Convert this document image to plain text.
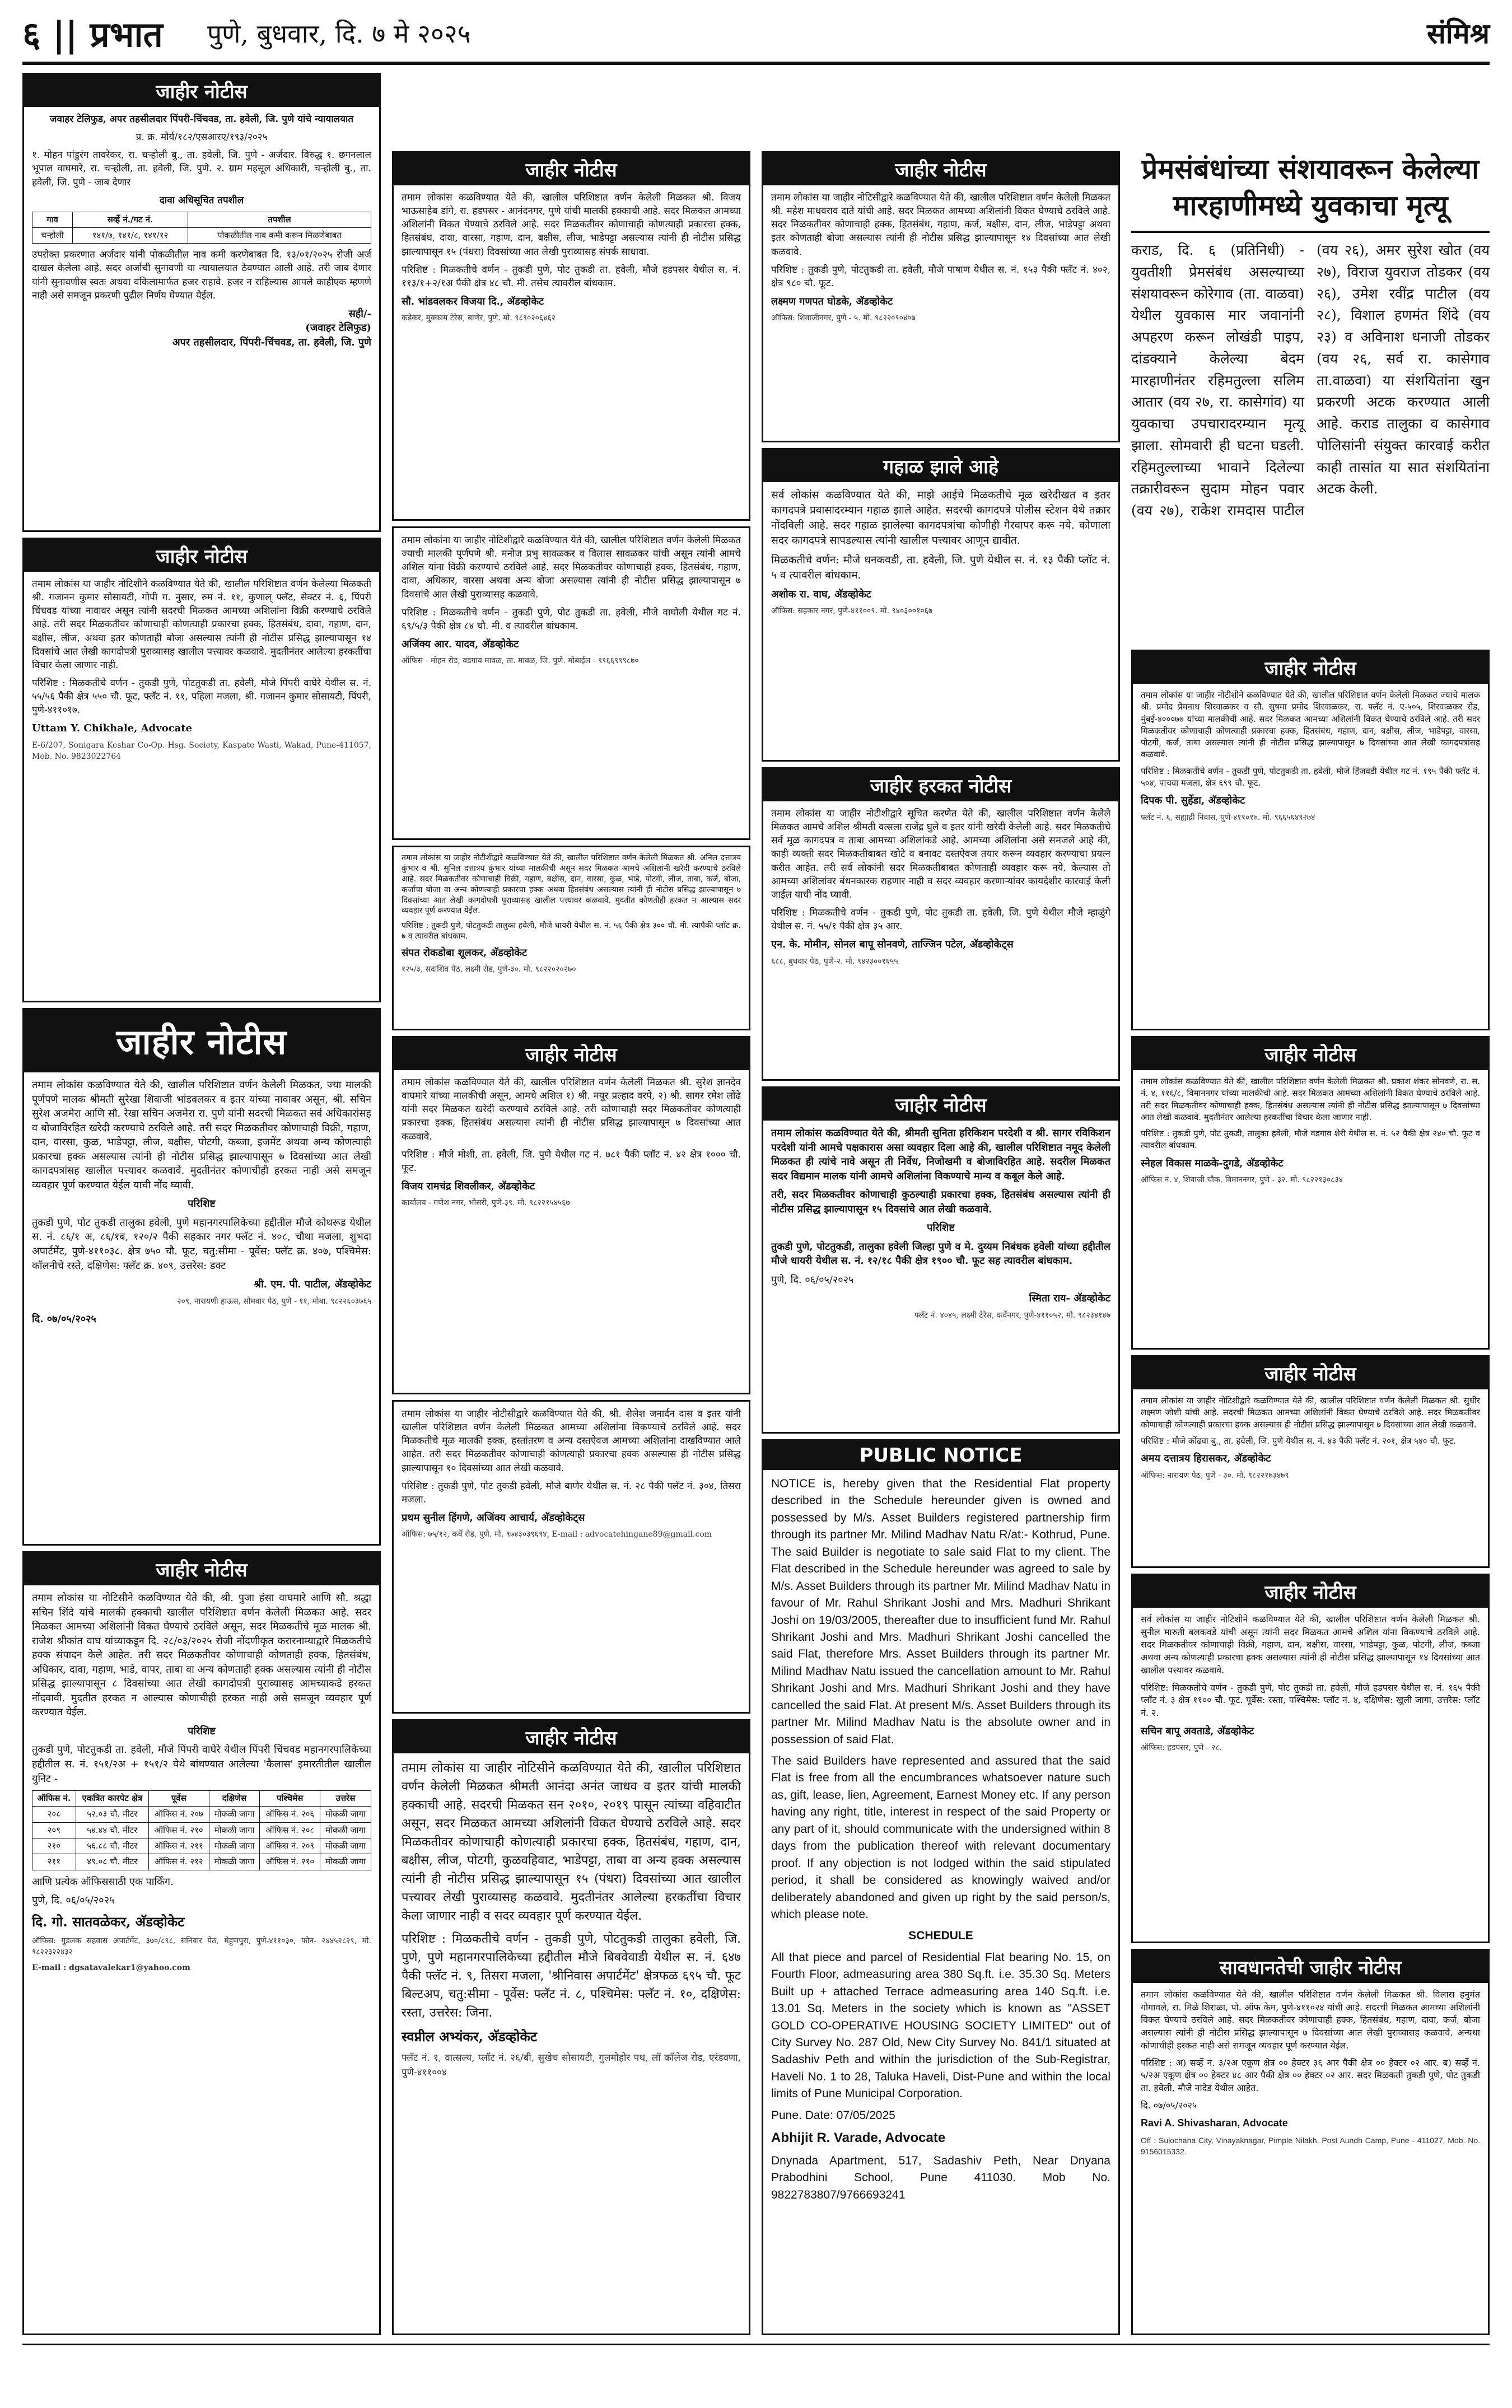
६ || प्रभात पुणे, बुधवार, दि. ७ मे २०२५	संमिश्र
जाहीर नोटीस

जवाहर टेलिफुड, अपर तहसीलदार पिंपरी-चिंचवड, ता. हवेली, जि. पुणे यांचे न्यायालयात

प्र. क्र. मौर्य/१८२/एसआरए/१९३/२०२५

१. मोहन पांडुरंग तावरेकर, रा. चऱ्होली बु., ता. हवेली, जि. पुणे - अर्जदार. विरुद्ध १. छगनलाल भूपाल वाघमारे, रा. चऱ्होली, ता. हवेली, जि. पुणे. २. ग्राम महसूल अधिकारी, चऱ्होली बु., ता. हवेली, जि. पुणे - जाब देणार

दावा अधिसूचित तपशील

गाव	सर्व्हे नं./गट नं.	तपशील
चऱ्होली	१४१/७, १४१/८, १४१/१२	पोकळीतील नाव कमी करून मिळणेबाबत

उपरोक्त प्रकरणात अर्जदार यांनी पोकळीतील नाव कमी करणेबाबत दि. १३/०१/२०२५ रोजी अर्ज दाखल केलेला आहे. सदर अर्जाची सुनावणी या न्यायालयात ठेवण्यात आली आहे. तरी जाब देणार यांनी सुनावणीस स्वतः अथवा वकिलामार्फत हजर राहावे. हजर न राहिल्यास आपले काहीएक म्हणणे नाही असे समजून प्रकरणी पुढील निर्णय घेण्यात येईल.

सही/-
(जवाहर टेलिफुड)
अपर तहसीलदार, पिंपरी-चिंचवड, ता. हवेली, जि. पुणे

जाहीर नोटीस

तमाम लोकांस या जाहीर नोटिशीने कळविण्यात येते की, खालील परिशिष्टात वर्णन केलेल्या मिळकती श्री. गजानन कुमार सोसायटी, गोपी ग. नुसार, रुम नं. ११, कुणाल् फ्लॅट, सेक्टर नं. ६, पिंपरी चिंचवड यांच्या नावावर असून त्यांनी सदरची मिळकत आमच्या अशिलांना विक्री करण्याचे ठरविले आहे. तरी सदर मिळकतीवर कोणाचाही कोणत्याही प्रकारचा हक्क, हितसंबंध, दावा, गहाण, दान, बक्षीस, लीज, अथवा इतर कोणताही बोजा असल्यास त्यांनी ही नोटीस प्रसिद्ध झाल्यापासून १४ दिवसांचे आत लेखी कागदोपत्री पुराव्यासह खालील पत्त्यावर कळवावे. मुदतीनंतर आलेल्या हरकतींचा विचार केला जाणार नाही.

परिशिष्ट : मिळकतीचे वर्णन - तुकडी पुणे, पोटतुकडी ता. हवेली, मौजे पिंपरी वाघेरे येथील स. नं. ५५/५६ पैकी क्षेत्र ५५० चौ. फूट, फ्लॅट नं. ११, पहिला मजला, श्री. गजानन कुमार सोसायटी, पिंपरी, पुणे-४११०१७.

Uttam Y. Chikhale, Advocate

E-6/207, Sonigara Keshar Co-Op. Hsg. Society, Kaspate Wasti, Wakad, Pune-411057, Mob. No. 9823022764

जाहीर नोटीस

तमाम लोकांस कळविण्यात येते की, खालील परिशिष्टात वर्णन केलेली मिळकत, ज्या मालकी पूर्णपणे मालक श्रीमती सुरेखा शिवाजी भांडवलकर व इतर यांच्या नावावर असून, श्री. सचिन सुरेश अजमेरा आणि सौ. रेखा सचिन अजमेरा रा. पुणे यांनी सदरची मिळकत सर्व अधिकारांसह व बोजाविरहित खरेदी करण्याचे ठरविले आहे. तरी सदर मिळकतीवर कोणाचाही विक्री, गहाण, दान, वारसा, कुळ, भाडेपट्टा, लीज, बक्षीस, पोटगी, कब्जा, इजमेंट अथवा अन्य कोणत्याही प्रकारचा हक्क असल्यास त्यांनी ही नोटीस प्रसिद्ध झाल्यापासून ७ दिवसांच्या आत लेखी कागदपत्रांसह खालील पत्त्यावर कळवावे. मुदतीनंतर कोणाचीही हरकत नाही असे समजून व्यवहार पूर्ण करण्यात येईल याची नोंद घ्यावी.

परिशिष्ट

तुकडी पुणे, पोट तुकडी तालुका हवेली, पुणे महानगरपालिकेच्या हद्दीतील मौजे कोथरूड येथील स. नं. ८६/१ अ, ८६/१ब, १२०/२ पैकी सहकार नगर फ्लॅट नं. ४०८, चौथा मजला, शुभदा अपार्टमेंट, पुणे-४११०३८. क्षेत्र ७५० चौ. फूट, चतु:सीमा - पूर्वेस: फ्लॅट क्र. ४०७, पश्चिमेस: कॉलनीचे रस्ते, दक्षिणेस: फ्लॅट क्र. ४०९, उत्तरेस: डक्ट

श्री. एम. पी. पाटील, अ‍ॅडव्होकेट

२०९, नारायणी हाऊस, सोमवार पेठ, पुणे - ११, मोबा. ९८२२६०३७६५

दि. ०७/०५/२०२५

जाहीर नोटीस

तमाम लोकांस या नोटिसीने कळविण्यात येते की, श्री. पुजा हंसा वाघमारे आणि सौ. श्रद्धा सचिन शिंदे यांचे मालकी हक्काची खालील परिशिष्टात वर्णन केलेली मिळकत आहे. सदर मिळकत आमच्या अशिलांनी विकत घेण्याचे ठरविले असून, सदर मिळकतीचे मूळ मालक श्री. राजेश श्रीकांत वाघ यांच्याकडून दि. २८/०३/२०२५ रोजी नोंदणीकृत करारनाम्याद्वारे मिळकतीचे हक्क संपादन केले आहेत. तरी सदर मिळकतीवर कोणाचाही कोणताही हक्क, हितसंबंध, अधिकार, दावा, गहाण, भाडे, वापर, ताबा वा अन्य कोणताही हक्क असल्यास त्यांनी ही नोटीस प्रसिद्ध झाल्यापासून ८ दिवसांच्या आत लेखी कागदोपत्री पुराव्यासह आमच्याकडे हरकत नोंदवावी. मुदतीत हरकत न आल्यास कोणाचीही हरकत नाही असे समजून व्यवहार पूर्ण करण्यात येईल.

परिशिष्ट

तुकडी पुणे, पोटतुकडी ता. हवेली, मौजे पिंपरी वाघेरे येथील पिंपरी चिंचवड महानगरपालिकेच्या हद्दीतील स. नं. १५१/२अ + १५१/२ येथे बांधण्यात आलेल्या 'कैलास' इमारतीतील खालील युनिट -

ऑफिस नं.	एकत्रित कारपेट क्षेत्र	पूर्वेस	दक्षिणेस	पश्चिमेस	उत्तरेस
२०८	५२.०३ चौ. मीटर	ऑफिस नं. २०७	मोकळी जागा	ऑफिस नं. २०६	मोकळी जागा
२०९	५४.४४ चौ. मीटर	ऑफिस नं. २१०	मोकळी जागा	ऑफिस नं. २०८	मोकळी जागा
२१०	५६.८८ चौ. मीटर	ऑफिस नं. २११	मोकळी जागा	ऑफिस नं. २०९	मोकळी जागा
२११	४९.०८ चौ. मीटर	ऑफिस नं. २१२	मोकळी जागा	ऑफिस नं. २१०	मोकळी जागा

आणि प्रत्येक ऑफिससाठी एक पार्किंग.

पुणे, दि. ०६/०५/२०२५

दि. गो. सातवळेकर, अ‍ॅडव्होकेट

ऑफिस: गुडलक सहवास अपार्टमेंट, ३७०/८९८, सनिवार पेठ, मेहुणपुरा, पुणे-४११०३०, फोन- २४४५२८२९, मो. ९८२२३२२४३२

E-mail : dgsatavalekar1@yahoo.com

जाहीर नोटीस

तमाम लोकांस कळविण्यात येते की, खालील परिशिष्टात वर्णन केलेली मिळकत श्री. विजय भाऊसाहेब डांगे, रा. हडपसर - आनंदनगर, पुणे यांची मालकी हक्काची आहे. सदर मिळकत आमच्या अशिलांनी विकत घेण्याचे ठरविले आहे. सदर मिळकतीवर कोणाचाही कोणत्याही प्रकारचा हक्क, हितसंबंध, दावा, वारसा, गहाण, दान, बक्षीस, लीज, भाडेपट्टा असल्यास त्यांनी ही नोटीस प्रसिद्ध झाल्यापासून १५ (पंधरा) दिवसांच्या आत लेखी पुराव्यासह संपर्क साधावा.

परिशिष्ट : मिळकतीचे वर्णन - तुकडी पुणे, पोट तुकडी ता. हवेली, मौजे हडपसर येथील स. नं. ११३/१+२/१अ पैकी क्षेत्र ४८ चौ. मी. तसेच त्यावरील बांधकाम.

सौ. भांडवलकर विजया दि., अ‍ॅडव्होकेट

कडेकर, मुक्काम टेरेस, बाणेर, पुणे. मो. ९८९०२०६४६२

तमाम लोकांना या जाहीर नोटिशीद्वारे कळविण्यात येते की, खालील परिशिष्टात वर्णन केलेली मिळकत ज्याची मालकी पूर्णपणे श्री. मनोज प्रभु सावळकर व विलास सावळकर यांची असून त्यांनी आमचे अशिल यांना विक्री करण्याचे ठरविले आहे. सदर मिळकतीवर कोणाचाही हक्क, हितसंबंध, गहाण, दावा, अधिकार, वारसा अथवा अन्य बोजा असल्यास त्यांनी ही नोटीस प्रसिद्ध झाल्यापासून ७ दिवसांचे आत लेखी पुराव्यासह कळवावे.

परिशिष्ट : मिळकतीचे वर्णन - तुकडी पुणे, पोट तुकडी ता. हवेली, मौजे वाघोली येथील गट नं. ६९/५/३ पैकी क्षेत्र ८४ चौ. मी. व त्यावरील बांधकाम.

अजिंक्य आर. यादव, अ‍ॅडव्होकेट

ऑफिस - मोहन रोड, वडगाव मावळ, ता. मावळ, जि. पुणे. मोबाईल - ९९६६९९९८७०

तमाम लोकांस या जाहीर नोटीशीद्वारे कळविण्यात येते की, खालील परिशिष्टात वर्णन केलेली मिळकत श्री. अनिल दत्तात्रय कुंभार व श्री. सुनिल दत्तात्रय कुंभार यांच्या मालकीची असून सदर मिळकत आमचे अशिलांनी खरेदी करण्याचे ठरविले आहे. सदर मिळकतीवर कोणाचाही विक्री, गहाण, बक्षीस, दान, वारसा, कुळ, भाडे, पोटगी, लीज, ताबा, कर्ज, बोजा, कर्जाचा बोजा वा अन्य कोणत्याही प्रकारचा हक्क अथवा हितसंबंध असल्यास त्यांनी ही नोटीस प्रसिद्ध झाल्यापासून ७ दिवसांच्या आत लेखी कागदोपत्री पुराव्यासह खालील पत्त्यावर कळवावे. मुदतीत कोणतीही हरकत न आल्यास सदर व्यवहार पूर्ण करण्यात येईल.

परिशिष्ट : तुकडी पुणे, पोटतुकडी तालुका हवेली, मौजे धायरी येथील स. नं. ५६ पैकी क्षेत्र ३०० चौ. मी. त्यापैकी प्लॉट क्र. ७ व त्यावरील बांधकाम.

संपत रोकडोबा शूलकर, अ‍ॅडव्होकेट

१२५/३, सदाशिव पेठ, लक्ष्मी रोड, पुणे-३०. मो. ९८२२०२०२७०

जाहीर नोटीस

तमाम लोकांस कळविण्यात येते की, खालील परिशिष्टात वर्णन केलेली मिळकत श्री. सुरेश ज्ञानदेव वाघमारे यांच्या मालकीची असून, आमचे अशिल १) श्री. मयूर प्रल्हाद वरपे, २) श्री. सागर रमेश लोंढे यांनी सदर मिळकत खरेदी करण्याचे ठरविले आहे. तरी कोणाचाही सदर मिळकतीवर कोणत्याही प्रकारचा हक्क, हितसंबंध असल्यास त्यांनी ही नोटीस प्रसिद्ध झाल्यापासून ७ दिवसांच्या आत कळवावे.

परिशिष्ट : मौजे मोशी, ता. हवेली, जि. पुणे येथील गट नं. ७८१ पैकी प्लॉट नं. ४२ क्षेत्र १००० चौ. फूट.

विजय रामचंद्र शिवलीकर, अ‍ॅडव्होकेट

कार्यालय - गणेश नगर, भोसरी, पुणे-३९. मो. ९८२२१५४५६७

तमाम लोकांस या जाहीर नोटीसीद्वारे कळविण्यात येते की, श्री. शैलेश जनार्दन दास व इतर यांनी खालील परिशिष्टात वर्णन केलेली मिळकत आमच्या अशिलांना विकण्याचे ठरविले आहे. सदर मिळकतीचे मूळ मालकी हक्क, हस्तांतरण व अन्य दस्तऐवज आमच्या अशिलांना दाखविण्यात आले आहेत. तरी सदर मिळकतीवर कोणाचाही कोणत्याही प्रकारचा हक्क असल्यास ही नोटीस प्रसिद्ध झाल्यापासून १० दिवसांच्या आत लेखी कळवावे.

परिशिष्ट : तुकडी पुणे, पोट तुकडी हवेली, मौजे बाणेर येथील स. नं. २८ पैकी फ्लॅट नं. ३०४, तिसरा मजला.

प्रथम सुनील हिंगणे, अजिंक्य आचार्य, अ‍ॅडव्होकेट्स

ऑफिस: ७५/१२, कर्वे रोड, पुणे. मो. ९७४३०३९६९४, E-mail : advocatehingane89@gmail.com

जाहीर नोटीस

तमाम लोकांस या जाहीर नोटिसीने कळविण्यात येते की, खालील परिशिष्टात वर्णन केलेली मिळकत श्रीमती आनंदा अनंत जाधव व इतर यांची मालकी हक्काची आहे. सदरची मिळकत सन २०१०, २०१९ पासून त्यांच्या वहिवाटीत असून, सदर मिळकत आमच्या अशिलांनी विकत घेण्याचे ठरविले आहे. सदर मिळकतीवर कोणाचाही कोणत्याही प्रकारचा हक्क, हितसंबंध, गहाण, दान, बक्षीस, लीज, पोटगी, कुळवहिवाट, भाडेपट्टा, ताबा वा अन्य हक्क असल्यास त्यांनी ही नोटीस प्रसिद्ध झाल्यापासून १५ (पंधरा) दिवसांच्या आत खालील पत्त्यावर लेखी पुराव्यासह कळवावे. मुदतीनंतर आलेल्या हरकतींचा विचार केला जाणार नाही व सदर व्यवहार पूर्ण करण्यात येईल.

परिशिष्ट : मिळकतीचे वर्णन - तुकडी पुणे, पोटतुकडी तालुका हवेली, जि. पुणे, पुणे महानगरपालिकेच्या हद्दीतील मौजे बिबवेवाडी येथील स. नं. ६४७ पैकी फ्लॅट नं. ९, तिसरा मजला, 'श्रीनिवास अपार्टमेंट' क्षेत्रफळ ६९५ चौ. फूट बिल्टअप, चतु:सीमा - पूर्वेस: फ्लॅट नं. ८, पश्चिमेस: फ्लॅट नं. १०, दक्षिणेस: रस्ता, उत्तरेस: जिना.

स्वप्नील अभ्यंकर, अ‍ॅडव्होकेट

फ्लॅट नं. १, वात्सल्य, प्लॉट नं. २६/बी, सुखेच सोसायटी, गुलमोहोर पथ, लॉ कॉलेज रोड, एरंडवणा, पुणे-४११००४

जाहीर नोटीस

तमाम लोकांस या जाहीर नोटिसीद्वारे कळविण्यात येते की, खालील परिशिष्टात वर्णन केलेली मिळकत श्री. महेश माधवराव दाते यांची आहे. सदर मिळकत आमच्या अशिलांनी विकत घेण्याचे ठरविले आहे. सदर मिळकतीवर कोणाचाही हक्क, हितसंबंध, गहाण, कर्ज, बक्षीस, दान, लीज, भाडेपट्टा अथवा इतर कोणताही बोजा असल्यास त्यांनी ही नोटीस प्रसिद्ध झाल्यापासून १४ दिवसांच्या आत लेखी कळवावे.

परिशिष्ट : तुकडी पुणे, पोटतुकडी ता. हवेली, मौजे पाषाण येथील स. नं. १५३ पैकी फ्लॅट नं. ४०२, क्षेत्र ९८० चौ. फूट.

लक्ष्मण गणपत घोडके, अ‍ॅडव्होकेट

ऑफिस: शिवाजीनगर, पुणे - ५. मो. ९८२२०९०४०७

गहाळ झाले आहे

सर्व लोकांस कळविण्यात येते की, माझे आईचे मिळकतीचे मूळ खरेदीखत व इतर कागदपत्रे प्रवासादरम्यान गहाळ झाले आहेत. सदरची कागदपत्रे पोलीस स्टेशन येथे तक्रार नोंदविली आहे. सदर गहाळ झालेल्या कागदपत्रांचा कोणीही गैरवापर करू नये. कोणाला सदर कागदपत्रे सापडल्यास त्यांनी खालील पत्त्यावर आणून द्यावीत.

मिळकतीचे वर्णन: मौजे धनकवडी, ता. हवेली, जि. पुणे येथील स. नं. १३ पैकी प्लॉट नं. ५ व त्यावरील बांधकाम.

अशोक रा. वाघ, अ‍ॅडव्होकेट

ऑफिस: सहकार नगर, पुणे-४११००९. मो. ९४०३००१०६७

जाहीर हरकत नोटीस

तमाम लोकांस या जाहीर नोटीशीद्वारे सूचित करणेत येते की, खालील परिशिष्टात वर्णन केलेले मिळकत आमचे अशिल श्रीमती वत्सला राजेंद्र घुले व इतर यांनी खरेदी केलेली आहे. सदर मिळकतीचे सर्व मूळ कागदपत्र व ताबा आमच्या अशिलांकडे आहे. आमच्या अशिलांना असे समजले आहे की, काही व्यक्ती सदर मिळकतीबाबत खोटे व बनावट दस्तऐवज तयार करून व्यवहार करण्याचा प्रयत्न करीत आहेत. तरी सर्व लोकांनी सदर मिळकतीबाबत कोणताही व्यवहार करू नये. केल्यास तो आमच्या अशिलांवर बंधनकारक राहणार नाही व सदर व्यवहार करणाऱ्यांवर कायदेशीर कारवाई केली जाईल याची नोंद घ्यावी.

परिशिष्ट : मिळकतीचे वर्णन - तुकडी पुणे, पोट तुकडी ता. हवेली, जि. पुणे येथील मौजे म्हाळुंगे येथील स. नं. ५५/१ पैकी क्षेत्र ३५ आर.

एन. के. मोमीन, सोनल बापू सोनवणे, ताज्जिन पटेल, अ‍ॅडव्होकेट्स

६८८, बुधवार पेठ, पुणे-२. मो. ९४२३००१६५५

जाहीर नोटीस

तमाम लोकांस कळविण्यात येते की, श्रीमती सुनिता हरिकिशन परदेशी व श्री. सागर रविकिशन परदेशी यांनी आमचे पक्षकारास असा व्यवहार दिला आहे की, खालील परिशिष्टात नमूद केलेली मिळकत ही त्यांचे नावे असून ती निर्वेध, निजोखमी व बोजाविरहित आहे. सदरील मिळकत सदर विद्यमान मालक यांनी आमचे अशिलांना विकण्याचे मान्य व कबूल केले आहे.

तरी, सदर मिळकतीवर कोणाचाही कुठल्याही प्रकारचा हक्क, हितसंबंध असल्यास त्यांनी ही नोटीस प्रसिद्ध झाल्यापासून १५ दिवसांचे आत लेखी कळवावे.

परिशिष्ट

तुकडी पुणे, पोटतुकडी, तालुका हवेली जिल्हा पुणे व मे. दुय्यम निबंधक हवेली यांच्या हद्दीतील मौजे धायरी येथील स. नं. १२/१८ पैकी क्षेत्र १९०० चौ. फूट सह त्यावरील बांधकाम.

पुणे, दि. ०६/०५/२०२५

स्मिता राय- अ‍ॅडव्होकेट

फ्लॅट नं. ४०४५, लक्ष्मी टेरेस, कर्वेनगर, पुणे-४११०५२, मो. ९८२३४१४७

PUBLIC NOTICE

NOTICE is, hereby given that the Residential Flat property described in the Schedule hereunder given is owned and possessed by M/s. Asset Builders registered partnership firm through its partner Mr. Milind Madhav Natu R/at:- Kothrud, Pune. The said Builder is negotiate to sale said Flat to my client. The Flat described in the Schedule hereunder was agreed to sale by M/s. Asset Builders through its partner Mr. Milind Madhav Natu in favour of Mr. Rahul Shrikant Joshi and Mrs. Madhuri Shrikant Joshi on 19/03/2005, thereafter due to insufficient fund Mr. Rahul Shrikant Joshi and Mrs. Madhuri Shrikant Joshi cancelled the said Flat, therefore Mrs. Asset Builders through its partner Mr. Milind Madhav Natu issued the cancellation amount to Mr. Rahul Shrikant Joshi and Mrs. Madhuri Shrikant Joshi and they have cancelled the said Flat. At present M/s. Asset Builders through its partner Mr. Milind Madhav Natu is the absolute owner and in possession of said Flat.

The said Builders have represented and assured that the said Flat is free from all the encumbrances whatsoever nature such as, gift, lease, lien, Agreement, Earnest Money etc. If any person having any right, title, interest in respect of the said Property or any part of it, should communicate with the undersigned within 8 days from the publication thereof with relevant documentary proof. If any objection is not lodged within the said stipulated period, it shall be considered as knowingly waived and/or deliberately abandoned and given up right by the said person/s, which please note.

SCHEDULE

All that piece and parcel of Residential Flat bearing No. 15, on Fourth Floor, admeasuring area 380 Sq.ft. i.e. 35.30 Sq. Meters Built up + attached Terrace admeasuring area 140 Sq.ft. i.e. 13.01 Sq. Meters in the society which is known as "ASSET GOLD CO-OPERATIVE HOUSING SOCIETY LIMITED" out of City Survey No. 287 Old, New City Survey No. 841/1 situated at Sadashiv Peth and within the jurisdiction of the Sub-Registrar, Haveli No. 1 to 28, Taluka Haveli, Dist-Pune and within the local limits of Pune Municipal Corporation.

Pune. Date: 07/05/2025

Abhijit R. Varade, Advocate

Dnynada Apartment, 517, Sadashiv Peth, Near Dnyana Prabodhini School, Pune 411030. Mob No. 9822783807/9766693241

प्रेमसंबंधांच्या संशयावरून केलेल्या मारहाणीमध्ये युवकाचा मृत्यू
कराड, दि. ६ (प्रतिनिधी) - युवतीशी प्रेमसंबंध असल्याच्या संशयावरून कोरेगाव (ता. वाळवा) येथील युवकास मार जवानांनी अपहरण करून लोखंडी पाइप, दांडक्याने केलेल्या बेदम मारहाणीनंतर रहिमतुल्ला सलिम आतार (वय २७, रा. कासेगांव) या युवकाचा उपचारादरम्यान मृत्यू झाला. सोमवारी ही घटना घडली. रहिमतुल्लाच्या भावाने दिलेल्या तक्रारीवरून सुदाम मोहन पवार (वय २७), राकेश रामदास पाटील (वय २६), अमर सुरेश खोत (वय २७), विराज युवराज तोडकर (वय २६), उमेश रवींद्र पाटील (वय २८), विशाल हणमंत शिंदे (वय २३) व अविनाश धनाजी तोडकर (वय २६, सर्व रा. कासेगाव ता.वाळवा) या संशयितांना खुन प्रकरणी अटक करण्यात आली आहे. कराड तालुका व कासेगाव पोलिसांनी संयुक्त कारवाई करीत काही तासांत या सात संशयितांना अटक केली.
जाहीर नोटीस

तमाम लोकांस या जाहीर नोटीशीने कळविण्यात येते की, खालील परिशिष्टात वर्णन केलेली मिळकत ज्याचे मालक श्री. प्रमोद प्रेमनाथ शिरवाळकर व सौ. सुषमा प्रमोद शिरवाळकर, रा. फ्लॅट नं. ए-५०५, शिरवाळकर रोड, मुंबई-४०००७७ यांच्या मालकीची आहे. सदर मिळकत आमच्या अशिलांनी विकत घेण्याचे ठरविले आहे. तरी सदर मिळकतीवर कोणाचाही कोणत्याही प्रकारचा हक्क, हितसंबंध, गहाण, दान, बक्षीस, लीज, भाडेपट्टा, वारसा, पोटगी, कर्ज, ताबा असल्यास त्यांनी ही नोटीस प्रसिद्ध झाल्यापासून ७ दिवसांच्या आत लेखी कागदपत्रांसह कळवावे.

परिशिष्ट : मिळकतीचे वर्णन - तुकडी पुणे, पोटतुकडी ता. हवेली, मौजे हिंजवडी येथील गट नं. १९५ पैकी फ्लॅट नं. ५०४, पाचवा मजला, क्षेत्र ६९९ चौ. फूट.

दिपक पी. सुर्हेडा, अ‍ॅडव्होकेट

फ्लॅट नं. ६, सह्याद्री निवास, पुणे-४११०१७. मो. ९६६५६४९२७४

जाहीर नोटीस

तमाम लोकांस कळविण्यात येते की, खालील परिशिष्टात वर्णन केलेली मिळकत श्री. प्रकाश शंकर सोनवणे, रा. स. नं. ४, ११६/८, विमाननगर यांच्या मालकीची आहे. सदर मिळकत आमच्या अशिलांनी विकत घेण्याचे ठरविले आहे. तरी सदर मिळकतीवर कोणाचाही हक्क, हितसंबंध असल्यास त्यांनी ही नोटीस प्रसिद्ध झाल्यापासून ७ दिवसांच्या आत लेखी कळवावे. मुदतीनंतर आलेल्या हरकतींचा विचार केला जाणार नाही.

परिशिष्ट : तुकडी पुणे, पोट तुकडी, तालुका हवेली, मौजे वडगाव शेरी येथील स. नं. ५२ पैकी क्षेत्र २४० चौ. फूट व त्यावरील बांधकाम.

स्नेहल विकास माळके-दुगडे, अ‍ॅडव्होकेट

ऑफिस नं. ४, शिवाजी चौक, विमाननगर, पुणे - ३२. मो. ९८२२१३०८३४

जाहीर नोटीस

तमाम लोकांस या जाहीर नोटिशीद्वारे कळविण्यात येते की, खालील परिशिष्टात वर्णन केलेली मिळकत श्री. सुधीर लक्ष्मण जोशी यांची आहे. सदरची मिळकत आमच्या अशिलांनी विकत घेण्याचे ठरविले आहे. सदर मिळकतीवर कोणाचाही कोणत्याही प्रकारचा हक्क असल्यास ही नोटीस प्रसिद्ध झाल्यापासून ७ दिवसांच्या आत लेखी कळवावे.

परिशिष्ट : मौजे कोंढवा बु., ता. हवेली, जि. पुणे येथील स. नं. ४३ पैकी फ्लॅट नं. २०१, क्षेत्र ५४० चौ. फूट.

अमय दत्तात्रय हिरासकर, अ‍ॅडव्होकेट

ऑफिस: नारायण पेठ, पुणे - ३०. मो. ९८२२१७३४७९

जाहीर नोटीस

सर्व लोकांस या जाहीर नोटिशीने कळविण्यात येते की, खालील परिशिष्टात वर्णन केलेली मिळकत श्री. सुनील मारुती बलकवडे यांची असून त्यांनी सदर मिळकत आमचे अशिल यांना विकण्याचे ठरविले आहे. सदर मिळकतीवर कोणाचाही विक्री, गहाण, दान, बक्षीस, वारसा, भाडेपट्टा, कुळ, पोटगी, लीज, कब्जा अथवा अन्य कोणत्याही प्रकारचा हक्क असल्यास त्यांनी ही नोटीस प्रसिद्ध झाल्यापासून १४ दिवसांच्या आत खालील पत्त्यावर कळवावे.

परिशिष्ट: मिळकतीचे वर्णन - तुकडी पुणे, पोट तुकडी ता. हवेली, मौजे हडपसर येथील स. नं. १६५ पैकी प्लॉट नं. ३ क्षेत्र ११०० चौ. फूट. पूर्वेस: रस्ता, पश्चिमेस: प्लॉट नं. ४, दक्षिणेस: खुली जागा, उत्तरेस: प्लॉट नं. २.

सचिन बापू अवताडे, अ‍ॅडव्होकेट

ऑफिस: हडपसर, पुणे - २८.

सावधानतेची जाहीर नोटीस

तमाम लोकांस कळविण्यात येते की, खालील परिशिष्टात वर्णन केलेली मिळकत श्री. विलास हनुमंत गोगावले, रा. मिळे शिराळा, पो. ऑफ केम, पुणे-४११०२४ यांची आहे. सदरची मिळकत आमच्या अशिलांनी विकत घेण्याचे ठरविले आहे. सदर मिळकतीवर कोणाचाही हक्क, हितसंबंध, गहाण, दावा, कर्ज, बोजा असल्यास त्यांनी ही नोटीस प्रसिद्ध झाल्यापासून ७ दिवसांच्या आत लेखी पुराव्यासह कळवावे. अन्यथा कोणाचीही हरकत नाही असे समजून व्यवहार पूर्ण करण्यात येईल.

परिशिष्ट : अ) सर्व्हे नं. ३/२अ एकूण क्षेत्र ०० हेक्टर ३६ आर पैकी क्षेत्र ०० हेक्टर ०२ आर. ब) सर्व्हे नं. ५/२अ एकूण क्षेत्र ०० हेक्टर ४८ आर पैकी क्षेत्र ०० हेक्टर ०२ आर. सदर मिळकती तुकडी पुणे, पोट तुकडी ता. हवेली, मौजे नांदेड येथील आहेत.

दि. ०७/०५/२०२५

Ravi A. Shivasharan, Advocate

Off : Sulochana City, Vinayaknagar, Pimple Nilakh, Post Aundh Camp, Pune - 411027, Mob. No. 9156015332.
